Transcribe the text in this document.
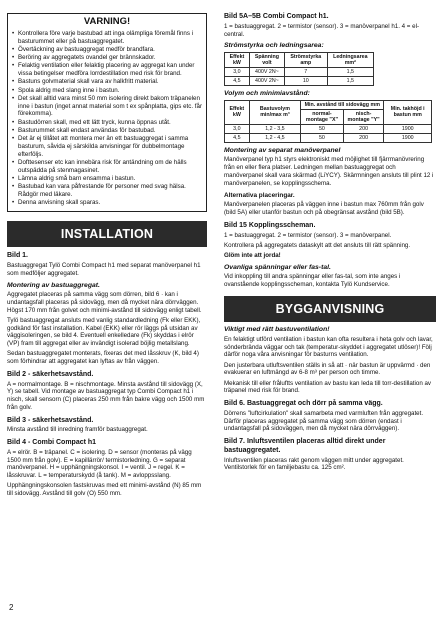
VARNING!
• Kontrollera före varje bastubad att inga olämpliga föremål finns i basturummet eller på bastuaggregatet.
• Övertäckning av bastuaggregat medför brandfara.
• Beröring av aggregatets ovandel ger brännskador.
• Felaktig ventilation eller felaktig placering av aggregat kan under vissa betingelser medföra lorrdestillation med risk för brand.
• Bastuns golvmaterial skall vara av halkfritt material.
• Spola aldrig med slang inne i bastun.
• Det skall alltid vara minst 50 mm isolering direkt bakom träpanelen inne i bastun (inget annat material som t ex spånplatta, gips etc. får förekomma).
• Bastudörren skall, med ett lätt tryck, kunna öppnas utåt.
• Basturummet skall endast användas för bastubad.
• Det är ej tillåtet att montera mer än ett bastuaggregat i samma basturum, såvida ej särskilda anvisningar för dubbelmontage efterföljs.
• Dofttesenser etc kan innebära risk för antändning om de hälls outspädda på stenmagasinet.
• Lämna aldrig små barn ensamma i bastun.
• Bastubad kan vara påfrestande för personer med svag hälsa. Rådgör med läkare.
• Denna anvisning skall sparas.
INSTALLATION
Bild 1.

Bastuaggregat Tylö Combi Compact h1 med separat manöverpanel h1 som medföljer aggregatet.

Montering av bastuaggregat.

Aggregatet placeras på samma vägg som dörren, bild 6 · kan i undantagsfall placeras på sidovägg, men då mycket nära dörrväggen. Högst 170 mm från golvet och minimi-avstånd till sidovägg enligt tabell.

Tylö bastuaggregat ansluts med vanlig standardledning (Fk eller EKK), godkänd för fast installation. Kabel (EKK) eller rör läggs på utsidan av väggisoleringen, se bild 4. Eventuell enkelledare (Fk) skyddas i elrör (VP) fram till aggregat eller av invändigt isolerad böjlig metallslang.

Sedan bastuaggregatet monterats, fixeras det med låsskruv (K, bild 4) som förhindrar att aggregatet kan lyftas av från väggen.

Bild 2 - säkerhetsavstånd.

A = normalmontage. B = nischmontage. Minsta avstånd till sidovägg (X, Y) se tabell. Vid montage av bastuaggregat typ Combi Compact h1 i nisch, skall sensorn (C) placeras 250 mm från bakre vägg och 1500 mm från golv.

Bild 3 - säkerhetsavstånd.

Minsta avstånd till inredning framför bastuaggregat.

Bild 4 - Combi Compact h1

A = elrör. B = träpanel. C = isolering. D = sensor (monteras på vägg 1500 mm från golv). E = kapillärrör/ termistorledning. G = separat manöverpanel. H = upphängningskonsol. I = ventil. J = regel. K = låsskruvar. L = temperaturskydd (å tank). M = avloppsslang.

Upphängningskonsolen fastskruvas med ett minimi-avstånd (N) 85 mm till sidovägg. Avstånd till golv (O) 550 mm.

Bild 5A–5B Combi Compact h1.

1 = bastuaggregat. 2 = termistor (sensor). 3 = manöverpanel h1. 4 = el-central.

Strömstyrka och ledningsarea:
Effekt kW	Spänning volt	Strömstyrka amp	Ledningsarea mm²
3,0	400V 2N~	7	1,5
4,5	400V 2N~	10	1,5
Volym och minimiavstånd:
Effekt kW	Bastuvolym min/max m³	Min. avstånd till sidovägg mm		Min. takhöjd i bastun mm
		normal-montage "X"	nisch-montage "Y"	
3,0	1,2 - 3,5	50	200	1900
4,5	1,2 - 4,5	50	200	1900
Montering av separat manöverpanel

Manöverpanel typ h1 styrs elektroniskt med möjlighet till fjärrmanövrering från en eller flera platser. Ledningen mellan bastuaggregat och manöverpanel skall vara skärmad (LiYCY). Skärmningen ansluts till plint 12 i manöverpanelen, se kopplingsschema.

Alternativa placeringar.

Manöverpanelen placeras på väggen inne i bastun max 760mm från golv (bild 5A) eller utanför bastun och på obegränsat avstånd (bild 5B).

Bild 15 Kopplingsscheman.

1 = bastuaggregat. 2 = termistor (sensor). 3 = manöverpanel.

Kontrollera på aggregatets dataskylt att det ansluts till rätt spänning.

Glöm inte att jorda!

Ovanliga spänningar eller fas-tal.

Vid inkoppling till andra spänningar eller fas-tal, som inte anges i ovanstående kopplingsscheman, kontakta Tylö Kundservice.

BYGGANVISNING
Viktigt med rätt bastuventilation!

En felaktigt utförd ventilation i bastun kan ofta resultera i heta golv och lavar, sönderbrända väggar och tak (temperatur-skyddet i aggregatet utlöser)! Följ därför noga våra anvisningar för basturns ventilation.

Den justerbara utluftsventilen ställs in så att · när bastun är uppvärmd · den evakuerar en luftmängd av 6-8 m³ per person och timme.

Mekanisk till eller fråluftts ventilation av bastu kan leda till torr-destillation av träpanel med risk för brand.

Bild 6. Bastuaggregat och dörr på samma vägg.

Dörrens "luftcirkulation" skall samarbeta med varmluften från aggregatet. Därför placeras aggregatet på samma vägg som dörren (endast i undantagsfall på sidoväggen, men då mycket nära dörrväggen).

Bild 7. Inluftsventilen placeras alltid direkt under bastuaggregatet.

Inluftsventilen placeras rakt genom väggen mitt under aggregatet. Ventilstorlek för en familjebastu ca. 125 cm².

2
